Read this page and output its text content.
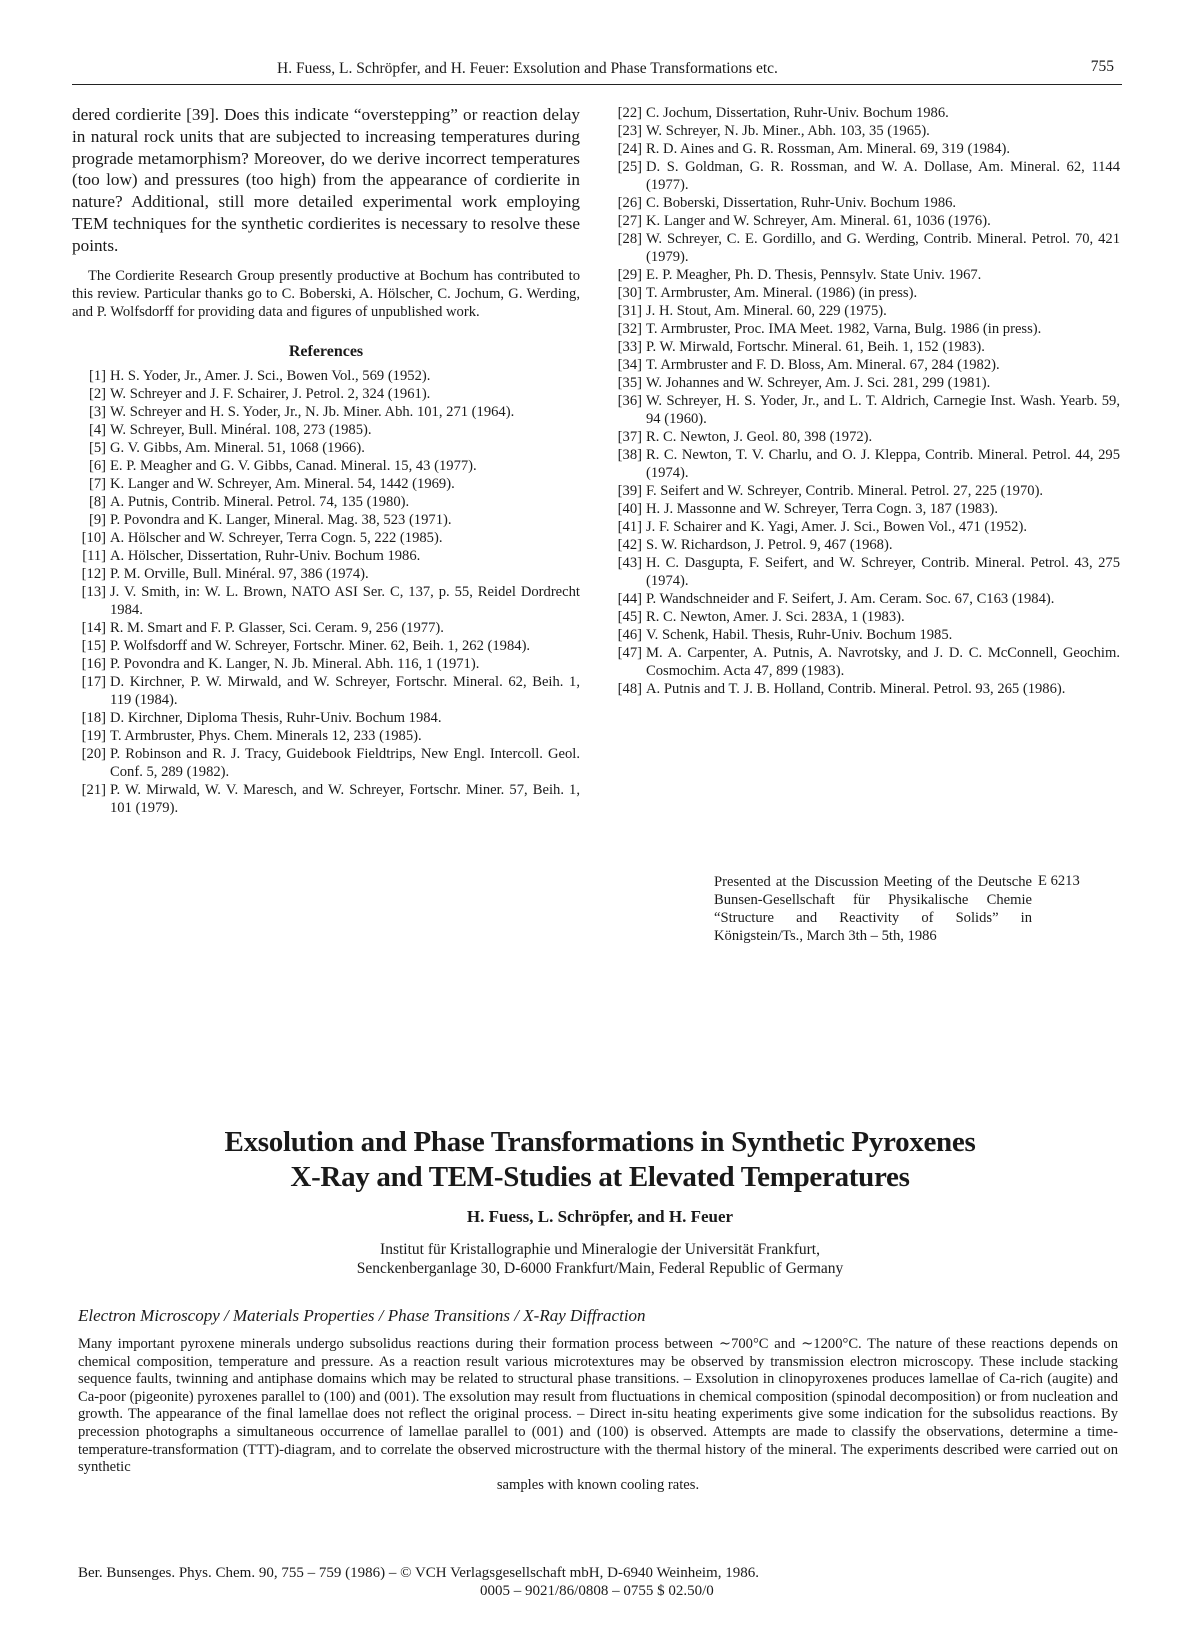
H. Fuess, L. Schröpfer, and H. Feuer: Exsolution and Phase Transformations etc.	755

dered cordierite [39]. Does this indicate “overstepping” or reaction delay in natural rock units that are subjected to increasing temperatures during prograde metamorphism? Moreover, do we derive incorrect temperatures (too low) and pressures (too high) from the appearance of cordierite in nature? Additional, still more detailed experimental work employing TEM techniques for the synthetic cordierites is necessary to resolve these points.

The Cordierite Research Group presently productive at Bochum has contributed to this review. Particular thanks go to C. Boberski, A. Hölscher, C. Jochum, G. Werding, and P. Wolfsdorff for providing data and figures of unpublished work.

References
[1] H. S. Yoder, Jr., Amer. J. Sci., Bowen Vol., 569 (1952).
[2] W. Schreyer and J. F. Schairer, J. Petrol. 2, 324 (1961).
[3] W. Schreyer and H. S. Yoder, Jr., N. Jb. Miner. Abh. 101, 271 (1964).
[4] W. Schreyer, Bull. Minéral. 108, 273 (1985).
[5] G. V. Gibbs, Am. Mineral. 51, 1068 (1966).
[6] E. P. Meagher and G. V. Gibbs, Canad. Mineral. 15, 43 (1977).
[7] K. Langer and W. Schreyer, Am. Mineral. 54, 1442 (1969).
[8] A. Putnis, Contrib. Mineral. Petrol. 74, 135 (1980).
[9] P. Povondra and K. Langer, Mineral. Mag. 38, 523 (1971).
[10] A. Hölscher and W. Schreyer, Terra Cogn. 5, 222 (1985).
[11] A. Hölscher, Dissertation, Ruhr-Univ. Bochum 1986.
[12] P. M. Orville, Bull. Minéral. 97, 386 (1974).
[13] J. V. Smith, in: W. L. Brown, NATO ASI Ser. C, 137, p. 55, Reidel Dordrecht 1984.
[14] R. M. Smart and F. P. Glasser, Sci. Ceram. 9, 256 (1977).
[15] P. Wolfsdorff and W. Schreyer, Fortschr. Miner. 62, Beih. 1, 262 (1984).
[16] P. Povondra and K. Langer, N. Jb. Mineral. Abh. 116, 1 (1971).
[17] D. Kirchner, P. W. Mirwald, and W. Schreyer, Fortschr. Mineral. 62, Beih. 1, 119 (1984).
[18] D. Kirchner, Diploma Thesis, Ruhr-Univ. Bochum 1984.
[19] T. Armbruster, Phys. Chem. Minerals 12, 233 (1985).
[20] P. Robinson and R. J. Tracy, Guidebook Fieldtrips, New Engl. Intercoll. Geol. Conf. 5, 289 (1982).
[21] P. W. Mirwald, W. V. Maresch, and W. Schreyer, Fortschr. Miner. 57, Beih. 1, 101 (1979).
[22] C. Jochum, Dissertation, Ruhr-Univ. Bochum 1986.
[23] W. Schreyer, N. Jb. Miner., Abh. 103, 35 (1965).
[24] R. D. Aines and G. R. Rossman, Am. Mineral. 69, 319 (1984).
[25] D. S. Goldman, G. R. Rossman, and W. A. Dollase, Am. Mineral. 62, 1144 (1977).
[26] C. Boberski, Dissertation, Ruhr-Univ. Bochum 1986.
[27] K. Langer and W. Schreyer, Am. Mineral. 61, 1036 (1976).
[28] W. Schreyer, C. E. Gordillo, and G. Werding, Contrib. Mineral. Petrol. 70, 421 (1979).
[29] E. P. Meagher, Ph. D. Thesis, Pennsylv. State Univ. 1967.
[30] T. Armbruster, Am. Mineral. (1986) (in press).
[31] J. H. Stout, Am. Mineral. 60, 229 (1975).
[32] T. Armbruster, Proc. IMA Meet. 1982, Varna, Bulg. 1986 (in press).
[33] P. W. Mirwald, Fortschr. Mineral. 61, Beih. 1, 152 (1983).
[34] T. Armbruster and F. D. Bloss, Am. Mineral. 67, 284 (1982).
[35] W. Johannes and W. Schreyer, Am. J. Sci. 281, 299 (1981).
[36] W. Schreyer, H. S. Yoder, Jr., and L. T. Aldrich, Carnegie Inst. Wash. Yearb. 59, 94 (1960).
[37] R. C. Newton, J. Geol. 80, 398 (1972).
[38] R. C. Newton, T. V. Charlu, and O. J. Kleppa, Contrib. Mineral. Petrol. 44, 295 (1974).
[39] F. Seifert and W. Schreyer, Contrib. Mineral. Petrol. 27, 225 (1970).
[40] H. J. Massonne and W. Schreyer, Terra Cogn. 3, 187 (1983).
[41] J. F. Schairer and K. Yagi, Amer. J. Sci., Bowen Vol., 471 (1952).
[42] S. W. Richardson, J. Petrol. 9, 467 (1968).
[43] H. C. Dasgupta, F. Seifert, and W. Schreyer, Contrib. Mineral. Petrol. 43, 275 (1974).
[44] P. Wandschneider and F. Seifert, J. Am. Ceram. Soc. 67, C163 (1984).
[45] R. C. Newton, Amer. J. Sci. 283A, 1 (1983).
[46] V. Schenk, Habil. Thesis, Ruhr-Univ. Bochum 1985.
[47] M. A. Carpenter, A. Putnis, A. Navrotsky, and J. D. C. McConnell, Geochim. Cosmochim. Acta 47, 899 (1983).
[48] A. Putnis and T. J. B. Holland, Contrib. Mineral. Petrol. 93, 265 (1986).
Presented at the Discussion Meeting of the Deutsche Bunsen-Gesellschaft für Physikalische Chemie “Structure and Reactivity of Solids” in Königstein/Ts., March 3th – 5th, 1986
E 6213
Exsolution and Phase Transformations in Synthetic Pyroxenes
X-Ray and TEM-Studies at Elevated Temperatures
H. Fuess, L. Schröpfer, and H. Feuer
Institut für Kristallographie und Mineralogie der Universität Frankfurt,
Senckenberganlage 30, D-6000 Frankfurt/Main, Federal Republic of Germany
Electron Microscopy / Materials Properties / Phase Transitions / X-Ray Diffraction

Many important pyroxene minerals undergo subsolidus reactions during their formation process between ∼700°C and ∼1200°C. The nature of these reactions depends on chemical composition, temperature and pressure. As a reaction result various microtextures may be observed by transmission electron microscopy. These include stacking sequence faults, twinning and antiphase domains which may be related to structural phase transitions. – Exsolution in clinopyroxenes produces lamellae of Ca-rich (augite) and Ca-poor (pigeonite) pyroxenes parallel to (100) and (001). The exsolution may result from fluctuations in chemical composition (spinodal decomposition) or from nucleation and growth. The appearance of the final lamellae does not reflect the original process. – Direct in-situ heating experiments give some indication for the subsolidus reactions. By precession photographs a simultaneous occurrence of lamellae parallel to (001) and (100) is observed. Attempts are made to classify the observations, determine a time-temperature-transformation (TTT)-diagram, and to correlate the observed microstructure with the thermal history of the mineral. The experiments described were carried out on synthetic
samples with known cooling rates.

Ber. Bunsenges. Phys. Chem. 90, 755 – 759 (1986) – © VCH Verlagsgesellschaft mbH, D-6940 Weinheim, 1986.
0005 – 9021/86/0808 – 0755 $ 02.50/0
